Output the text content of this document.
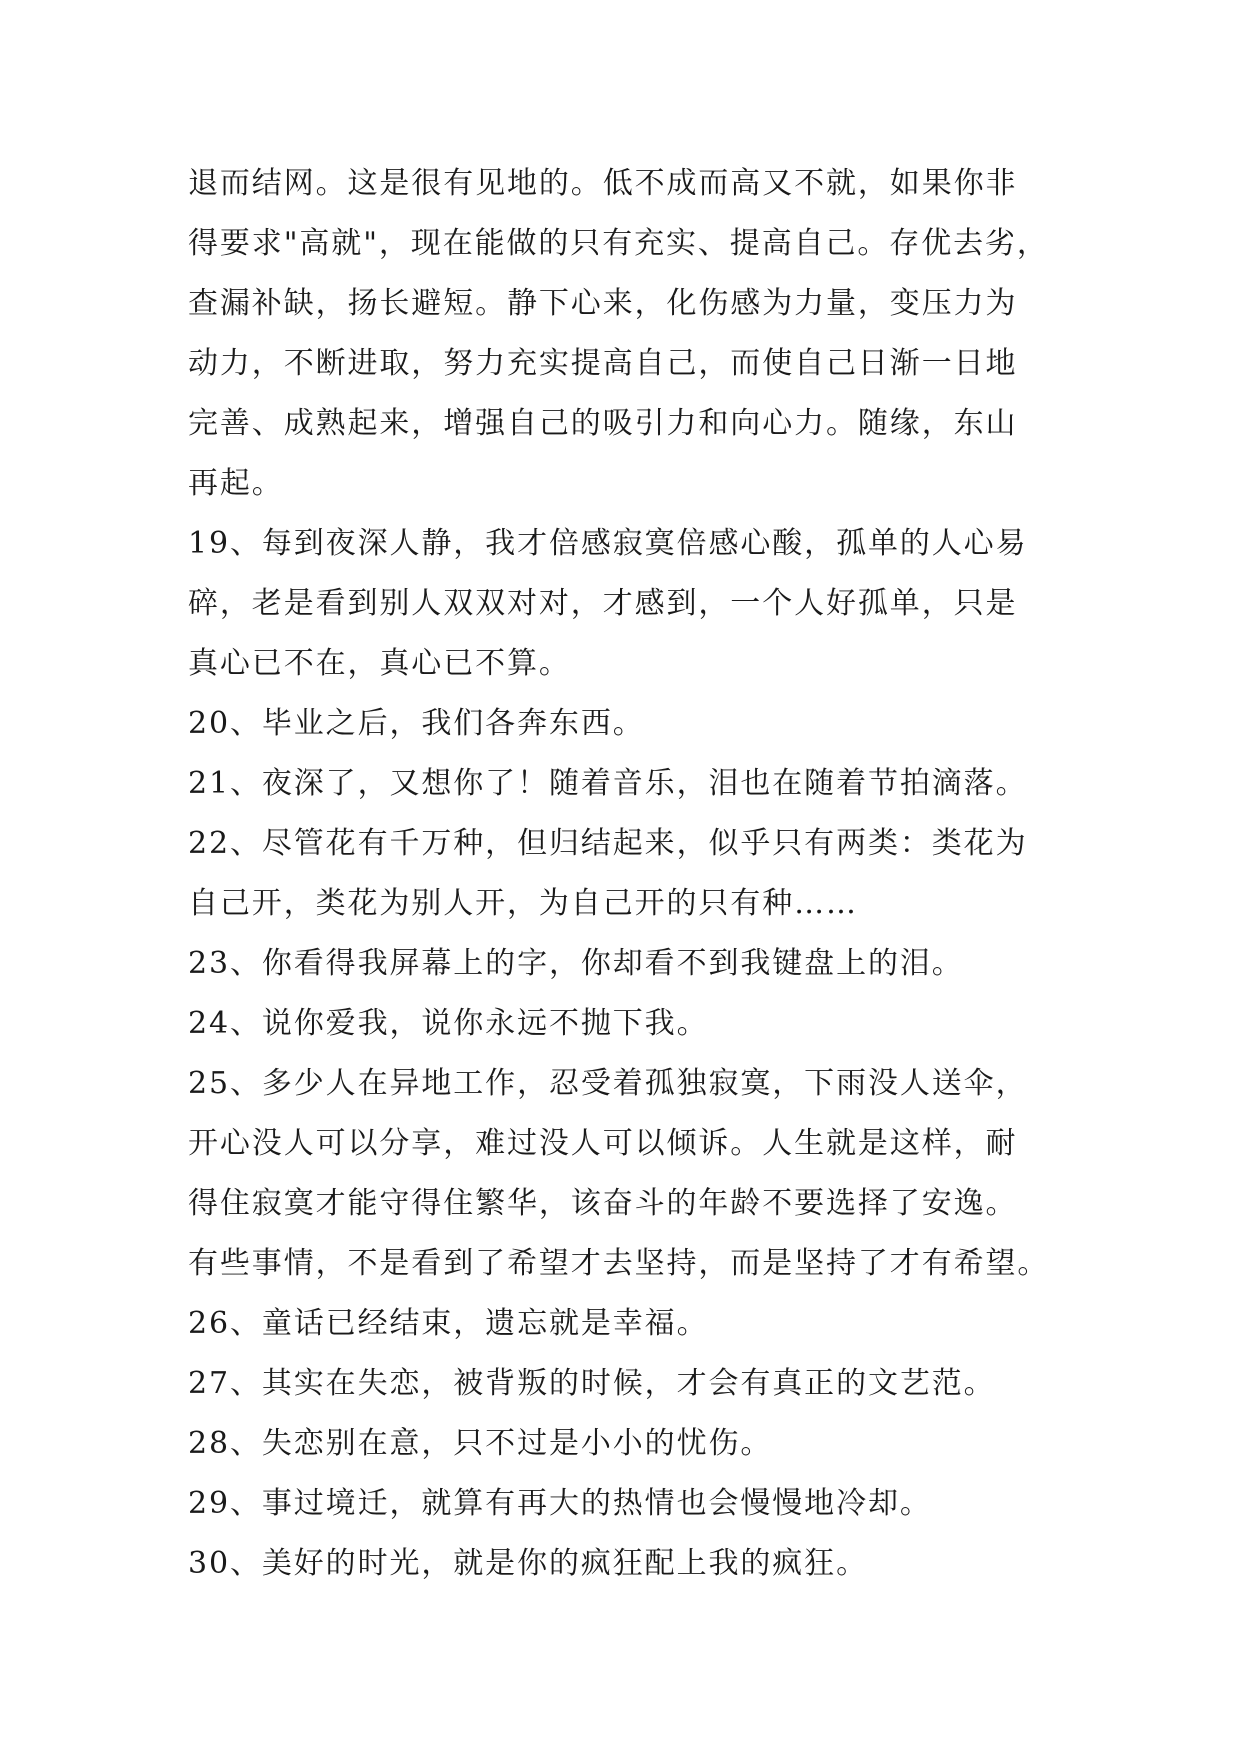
退而结网。这是很有见地的。低不成而高又不就，如果你非
得要求"高就"，现在能做的只有充实、提高自己。存优去劣，
查漏补缺，扬长避短。静下心来，化伤感为力量，变压力为
动力，不断进取，努力充实提高自己，而使自己日渐一日地
完善、成熟起来，增强自己的吸引力和向心力。随缘，东山
再起。
19、每到夜深人静，我才倍感寂寞倍感心酸，孤单的人心易
碎，老是看到别人双双对对，才感到，一个人好孤单，只是
真心已不在，真心已不算。
20、毕业之后，我们各奔东西。
21、夜深了，又想你了！随着音乐，泪也在随着节拍滴落。
22、尽管花有千万种，但归结起来，似乎只有两类：类花为
自己开，类花为别人开，为自己开的只有种……
23、你看得我屏幕上的字，你却看不到我键盘上的泪。
24、说你爱我，说你永远不抛下我。
25、多少人在异地工作，忍受着孤独寂寞，下雨没人送伞，
开心没人可以分享，难过没人可以倾诉。人生就是这样，耐
得住寂寞才能守得住繁华，该奋斗的年龄不要选择了安逸。
有些事情，不是看到了希望才去坚持，而是坚持了才有希望。
26、童话已经结束，遗忘就是幸福。
27、其实在失恋，被背叛的时候，才会有真正的文艺范。
28、失恋别在意，只不过是小小的忧伤。
29、事过境迁，就算有再大的热情也会慢慢地冷却。
30、美好的时光，就是你的疯狂配上我的疯狂。
